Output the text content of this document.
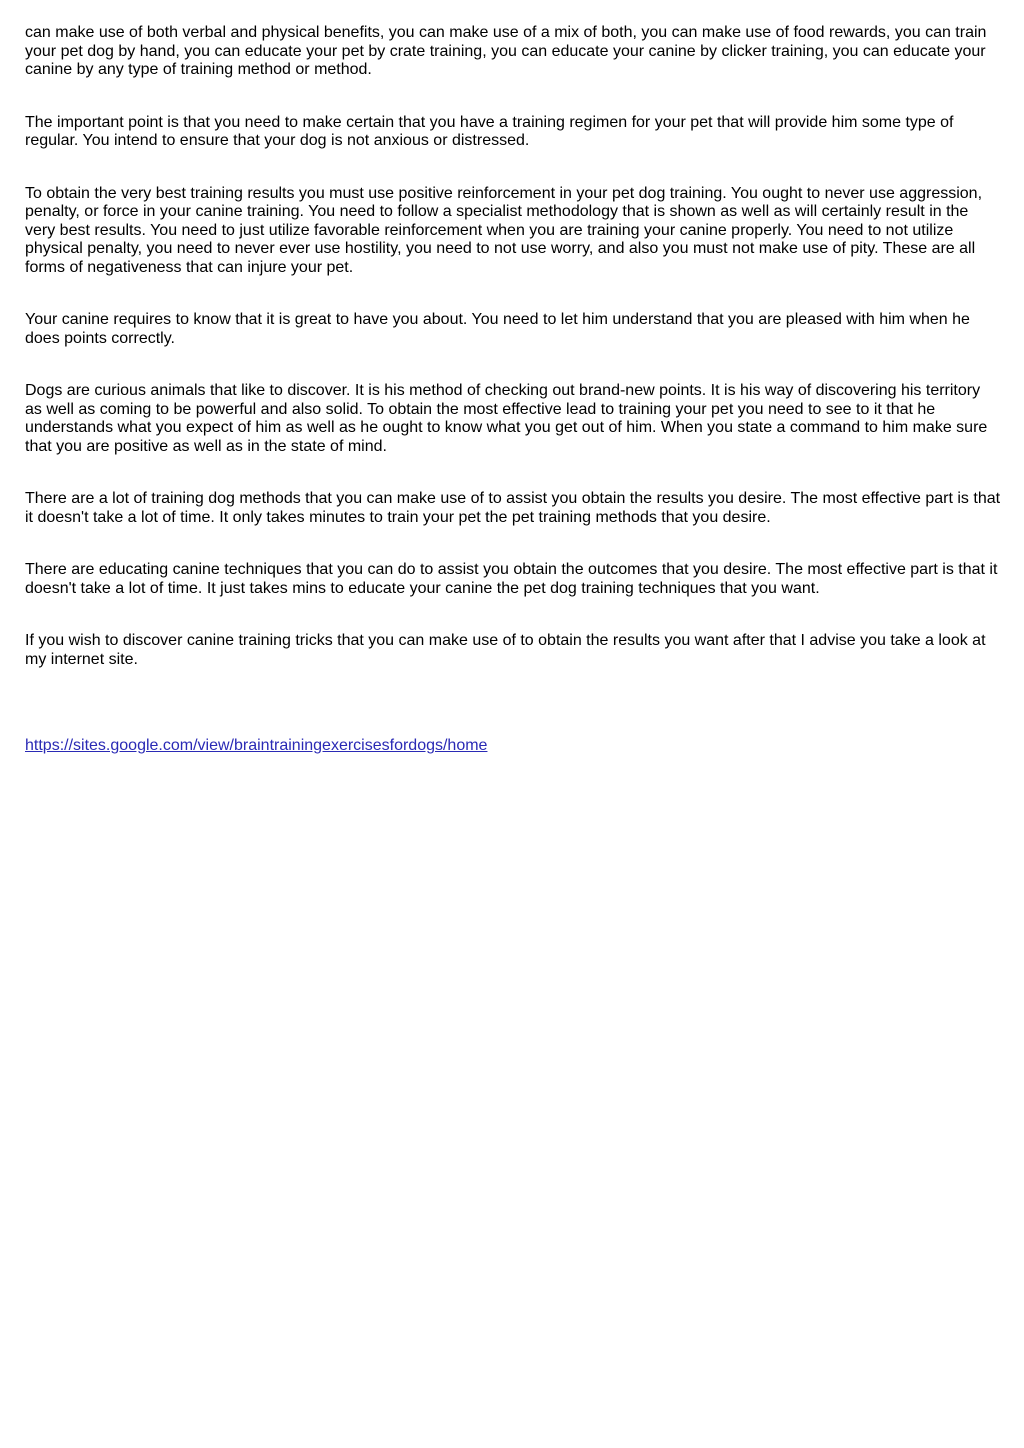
can make use of both verbal and physical benefits, you can make use of a mix of both, you can make use of food rewards, you can train your pet dog by hand, you can educate your pet by crate training, you can educate your canine by clicker training, you can educate your canine by any type of training method or method.

The important point is that you need to make certain that you have a training regimen for your pet that will provide him some type of regular. You intend to ensure that your dog is not anxious or distressed.

To obtain the very best training results you must use positive reinforcement in your pet dog training. You ought to never use aggression, penalty, or force in your canine training. You need to follow a specialist methodology that is shown as well as will certainly result in the very best results. You need to just utilize favorable reinforcement when you are training your canine properly. You need to not utilize physical penalty, you need to never ever use hostility, you need to not use worry, and also you must not make use of pity. These are all forms of negativeness that can injure your pet.

Your canine requires to know that it is great to have you about. You need to let him understand that you are pleased with him when he does points correctly.

Dogs are curious animals that like to discover. It is his method of checking out brand-new points. It is his way of discovering his territory as well as coming to be powerful and also solid. To obtain the most effective lead to training your pet you need to see to it that he understands what you expect of him as well as he ought to know what you get out of him. When you state a command to him make sure that you are positive as well as in the state of mind.

There are a lot of training dog methods that you can make use of to assist you obtain the results you desire. The most effective part is that it doesn't take a lot of time. It only takes minutes to train your pet the pet training methods that you desire.

There are educating canine techniques that you can do to assist you obtain the outcomes that you desire. The most effective part is that it doesn't take a lot of time. It just takes mins to educate your canine the pet dog training techniques that you want.

If you wish to discover canine training tricks that you can make use of to obtain the results you want after that I advise you take a look at my internet site.

https://sites.google.com/view/braintrainingexercisesfordogs/home
